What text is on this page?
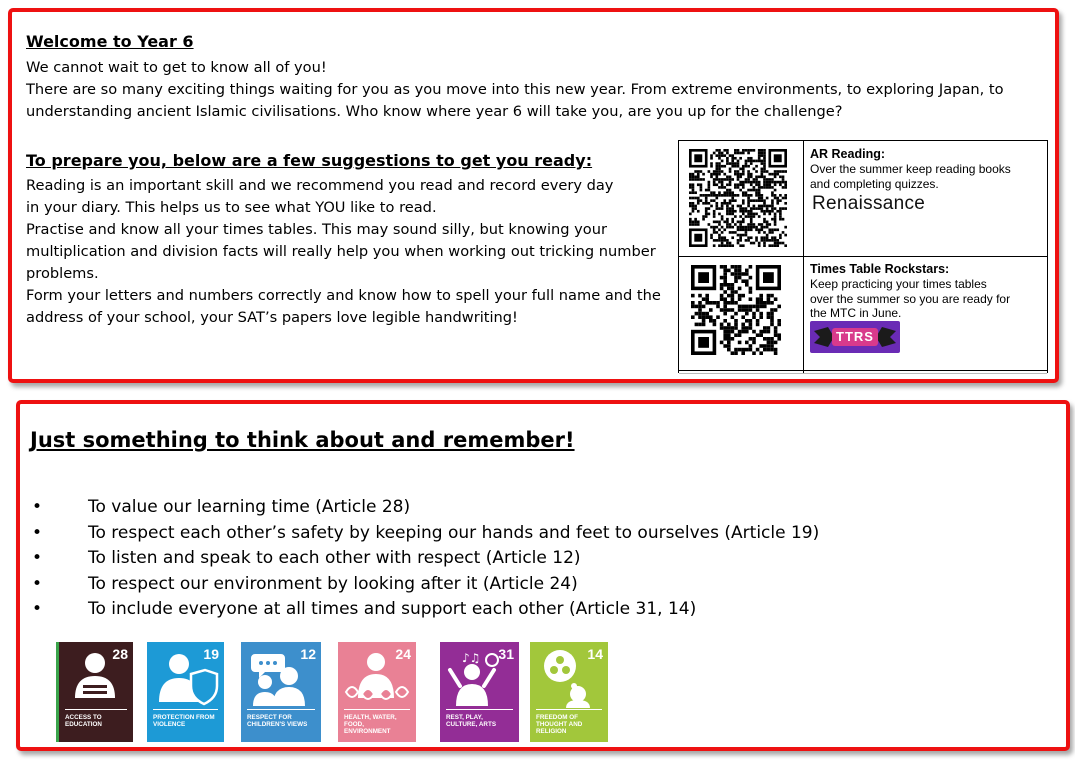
Welcome to Year 6

We cannot wait to get to know all of you!

There are so many exciting things waiting for you as you move into this new year. From extreme environments, to exploring Japan, to understanding ancient Islamic civilisations. Who know where year 6 will take you, are you up for the challenge?

To prepare you, below are a few suggestions to get you ready:

Reading is an important skill and we recommend you read and record every day

in your diary. This helps us to see what YOU like to read.

Practise and know all your times tables. This may sound silly, but knowing your

multiplication and division facts will really help you when working out tricking number

problems.

Form your letters and numbers correctly and know how to spell your full name and the

address of your school, your SAT’s papers love legible handwriting!

AR Reading:
Over the summer keep reading books
and completing quizzes.
Renaissance
Times Table Rockstars:
Keep practicing your times tables
over the summer so you are ready for
the MTC in June.
TTRS
Just something to think about and remember!
•	To value our learning time (Article 28)
•	To respect each other’s safety by keeping our hands and feet to ourselves (Article 19)
•	To listen and speak to each other with respect (Article 12)
•	To respect our environment by looking after it (Article 24)
•	To include everyone at all times and support each other (Article 31, 14)
28
ACCESS TO EDUCATION
19
PROTECTION FROM VIOLENCE
12
RESPECT FOR CHILDREN'S VIEWS
24
HEALTH, WATER, FOOD, ENVIRONMENT
♪♫ 31
REST, PLAY, CULTURE, ARTS
14
FREEDOM OF THOUGHT AND RELIGION
